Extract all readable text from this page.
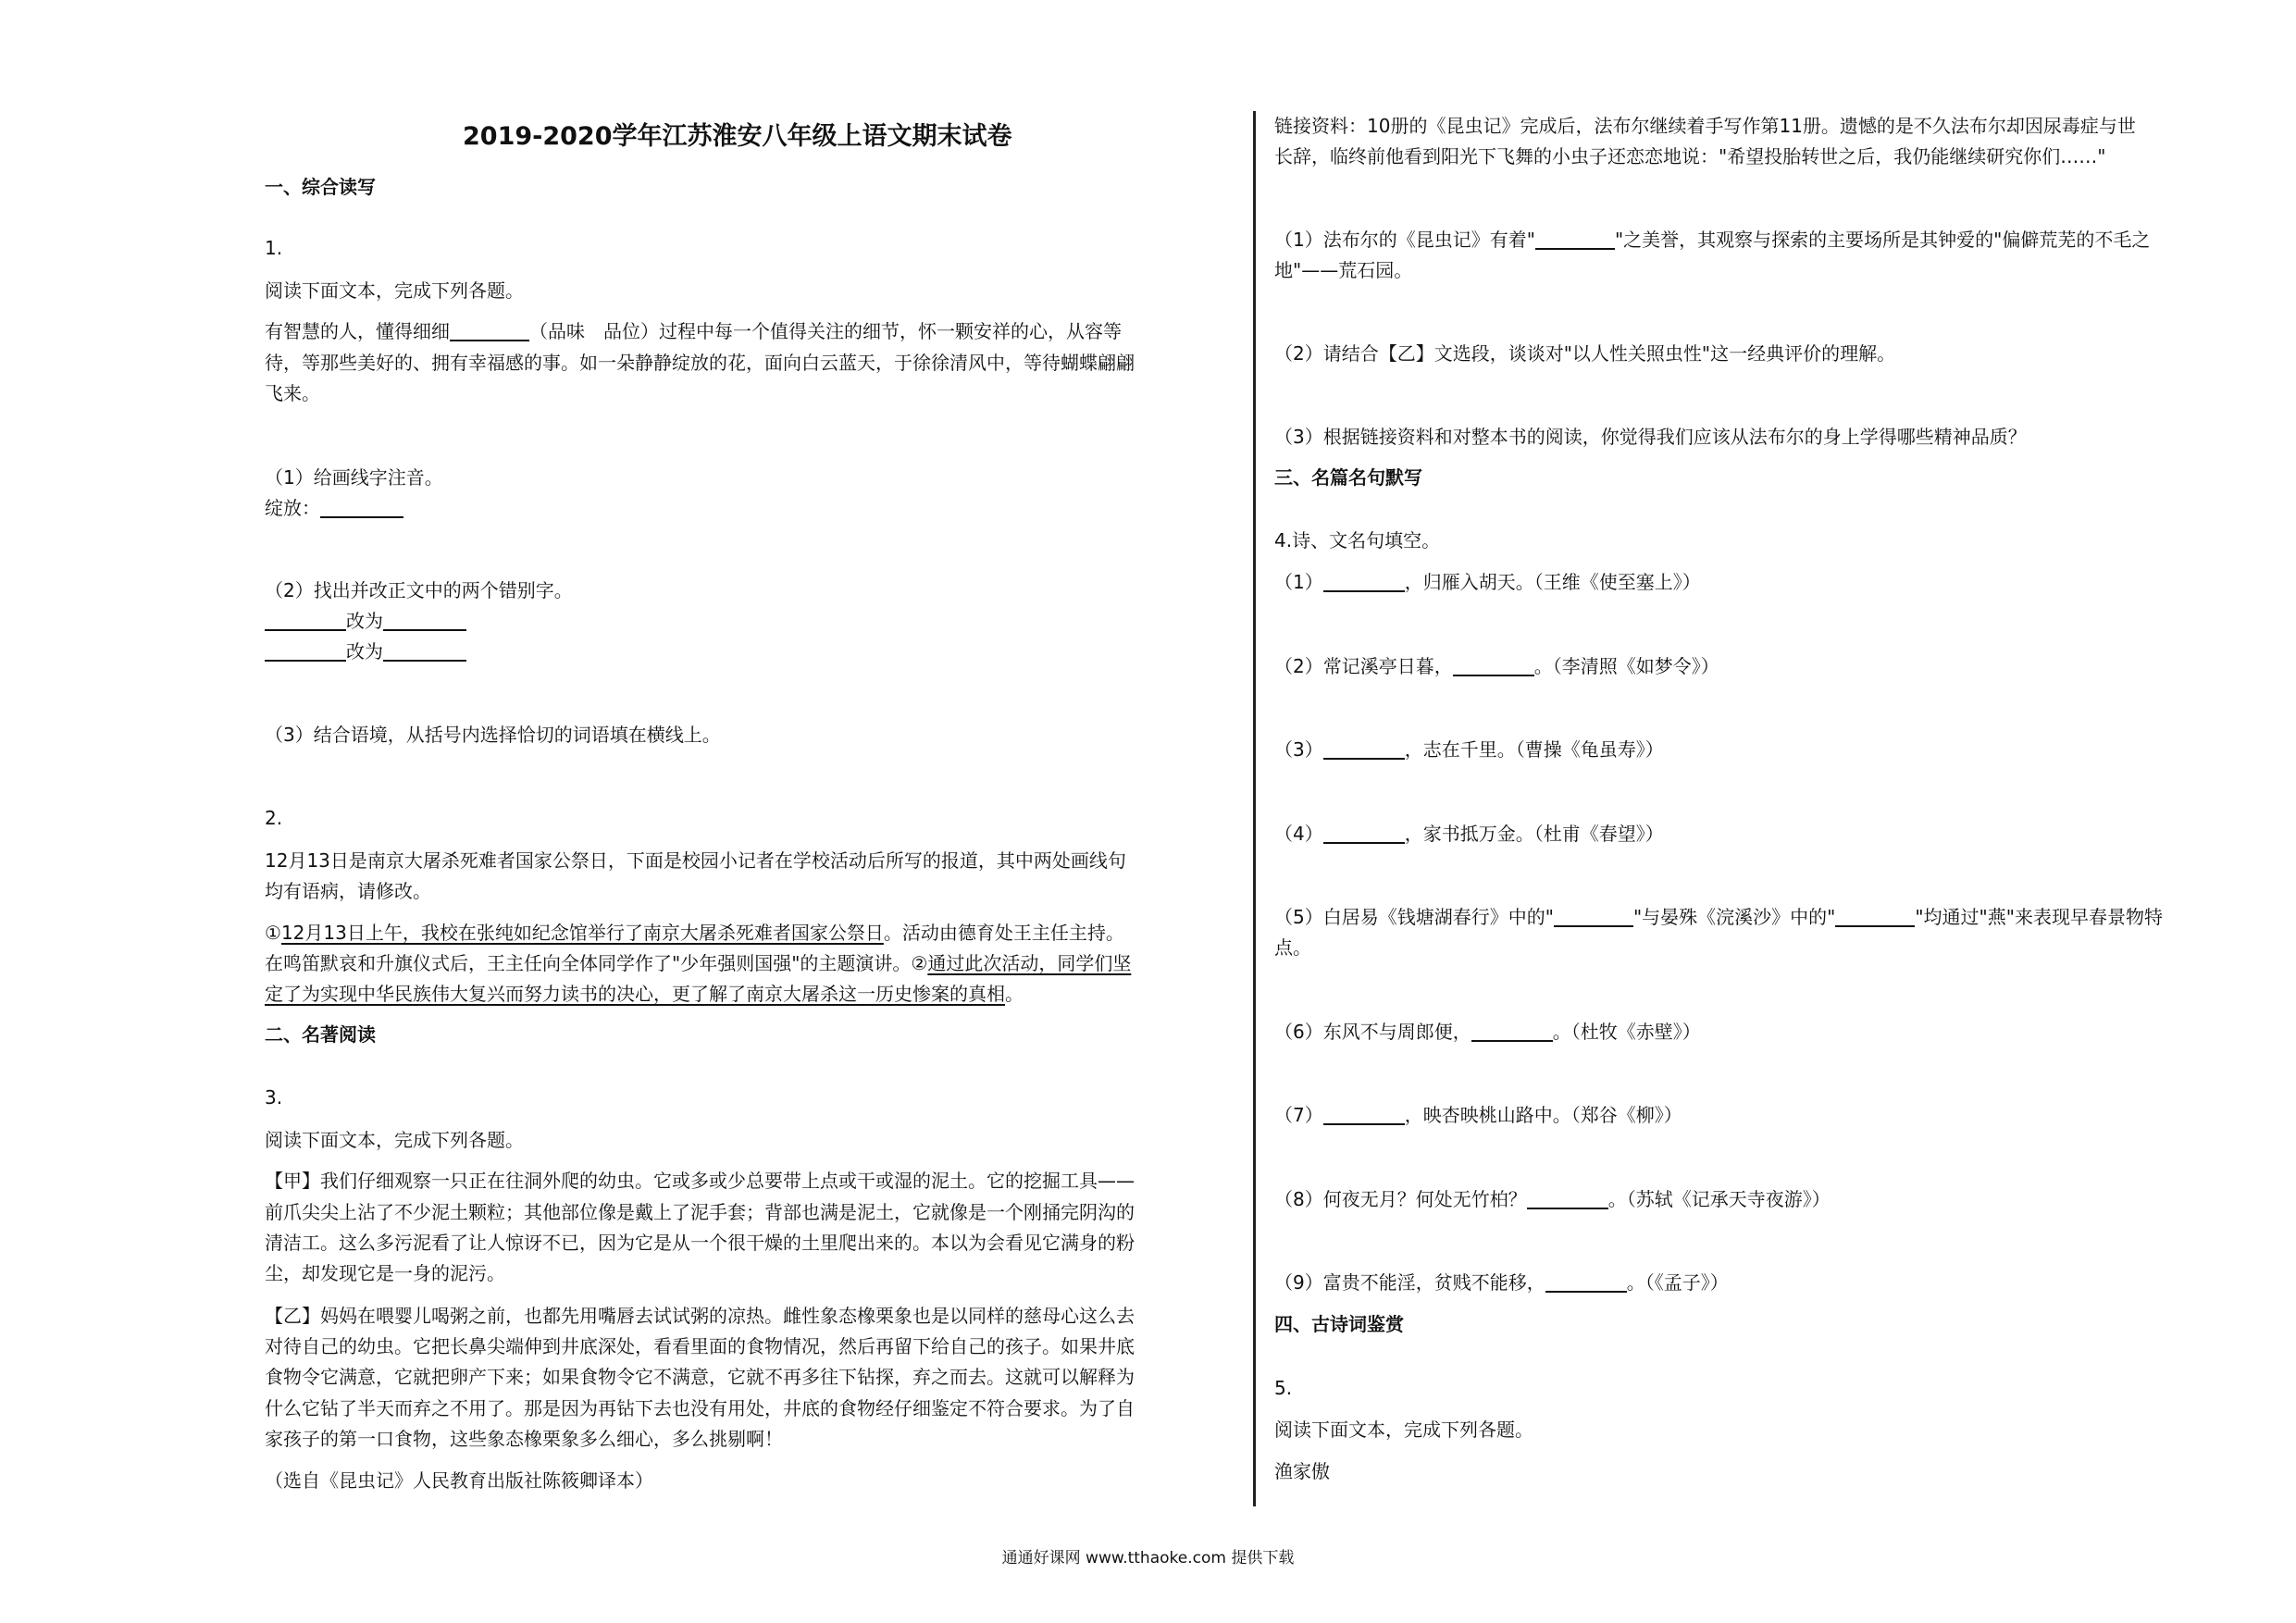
2019-2020学年江苏淮安八年级上语文期末试卷
一、综合读写
1.
阅读下面文本，完成下列各题。
有智慧的人，懂得细细	（品味　品位）过程中每一个值得关注的细节，怀一颗安祥的心，从容等
待，等那些美好的、拥有幸福感的事。如一朵静静绽放的花，面向白云蓝天，于徐徐清风中，等待蝴蝶翩翩
飞来。
（1）给画线字注音。
绽放：
（2）找出并改正文中的两个错别字。
改为
改为
（3）结合语境，从括号内选择恰切的词语填在横线上。
2.
12月13日是南京大屠杀死难者国家公祭日，下面是校园小记者在学校活动后所写的报道，其中两处画线句
均有语病，请修改。
①12月13日上午，我校在张纯如纪念馆举行了南京大屠杀死难者国家公祭日。活动由德育处王主任主持。
在鸣笛默哀和升旗仪式后，王主任向全体同学作了"少年强则国强"的主题演讲。②通过此次活动，同学们坚
定了为实现中华民族伟大复兴而努力读书的决心，更了解了南京大屠杀这一历史惨案的真相。
二、名著阅读
3.
阅读下面文本，完成下列各题。
【甲】我们仔细观察一只正在往洞外爬的幼虫。它或多或少总要带上点或干或湿的泥土。它的挖掘工具——
前爪尖尖上沾了不少泥土颗粒；其他部位像是戴上了泥手套；背部也满是泥土，它就像是一个刚捅完阴沟的
清洁工。这么多污泥看了让人惊讶不已，因为它是从一个很干燥的土里爬出来的。本以为会看见它满身的粉
尘，却发现它是一身的泥污。
【乙】妈妈在喂婴儿喝粥之前，也都先用嘴唇去试试粥的凉热。雌性象态橡栗象也是以同样的慈母心这么去
对待自己的幼虫。它把长鼻尖端伸到井底深处，看看里面的食物情况，然后再留下给自己的孩子。如果井底
食物令它满意，它就把卵产下来；如果食物令它不满意，它就不再多往下钻探，弃之而去。这就可以解释为
什么它钻了半天而弃之不用了。那是因为再钻下去也没有用处，井底的食物经仔细鉴定不符合要求。为了自
家孩子的第一口食物，这些象态橡栗象多么细心，多么挑剔啊！
（选自《昆虫记》人民教育出版社陈筱卿译本）
链接资料：10册的《昆虫记》完成后，法布尔继续着手写作第11册。遗憾的是不久法布尔却因尿毒症与世
长辞，临终前他看到阳光下飞舞的小虫子还恋恋地说："希望投胎转世之后，我仍能继续研究你们……"
（1）法布尔的《昆虫记》有着"	"之美誉，其观察与探索的主要场所是其钟爱的"偏僻荒芜的不毛之
地"——荒石园。
（2）请结合【乙】文选段，谈谈对"以人性关照虫性"这一经典评价的理解。
（3）根据链接资料和对整本书的阅读，你觉得我们应该从法布尔的身上学得哪些精神品质？
三、名篇名句默写
4.诗、文名句填空。
（1）	，归雁入胡天。（王维《使至塞上》）
（2）常记溪亭日暮，	。（李清照《如梦令》）
（3）	，志在千里。（曹操《龟虽寿》）
（4）	，家书抵万金。（杜甫《春望》）
（5）白居易《钱塘湖春行》中的"	"与晏殊《浣溪沙》中的"	"均通过"燕"来表现早春景物特
点。
（6）东风不与周郎便，	。（杜牧《赤壁》）
（7）	，映杏映桃山路中。（郑谷《柳》）
（8）何夜无月？何处无竹柏？	。（苏轼《记承天寺夜游》）
（9）富贵不能淫，贫贱不能移，	。（《孟子》）
四、古诗词鉴赏
5.
阅读下面文本，完成下列各题。
渔家傲
通通好课网 www.tthaoke.com 提供下载
